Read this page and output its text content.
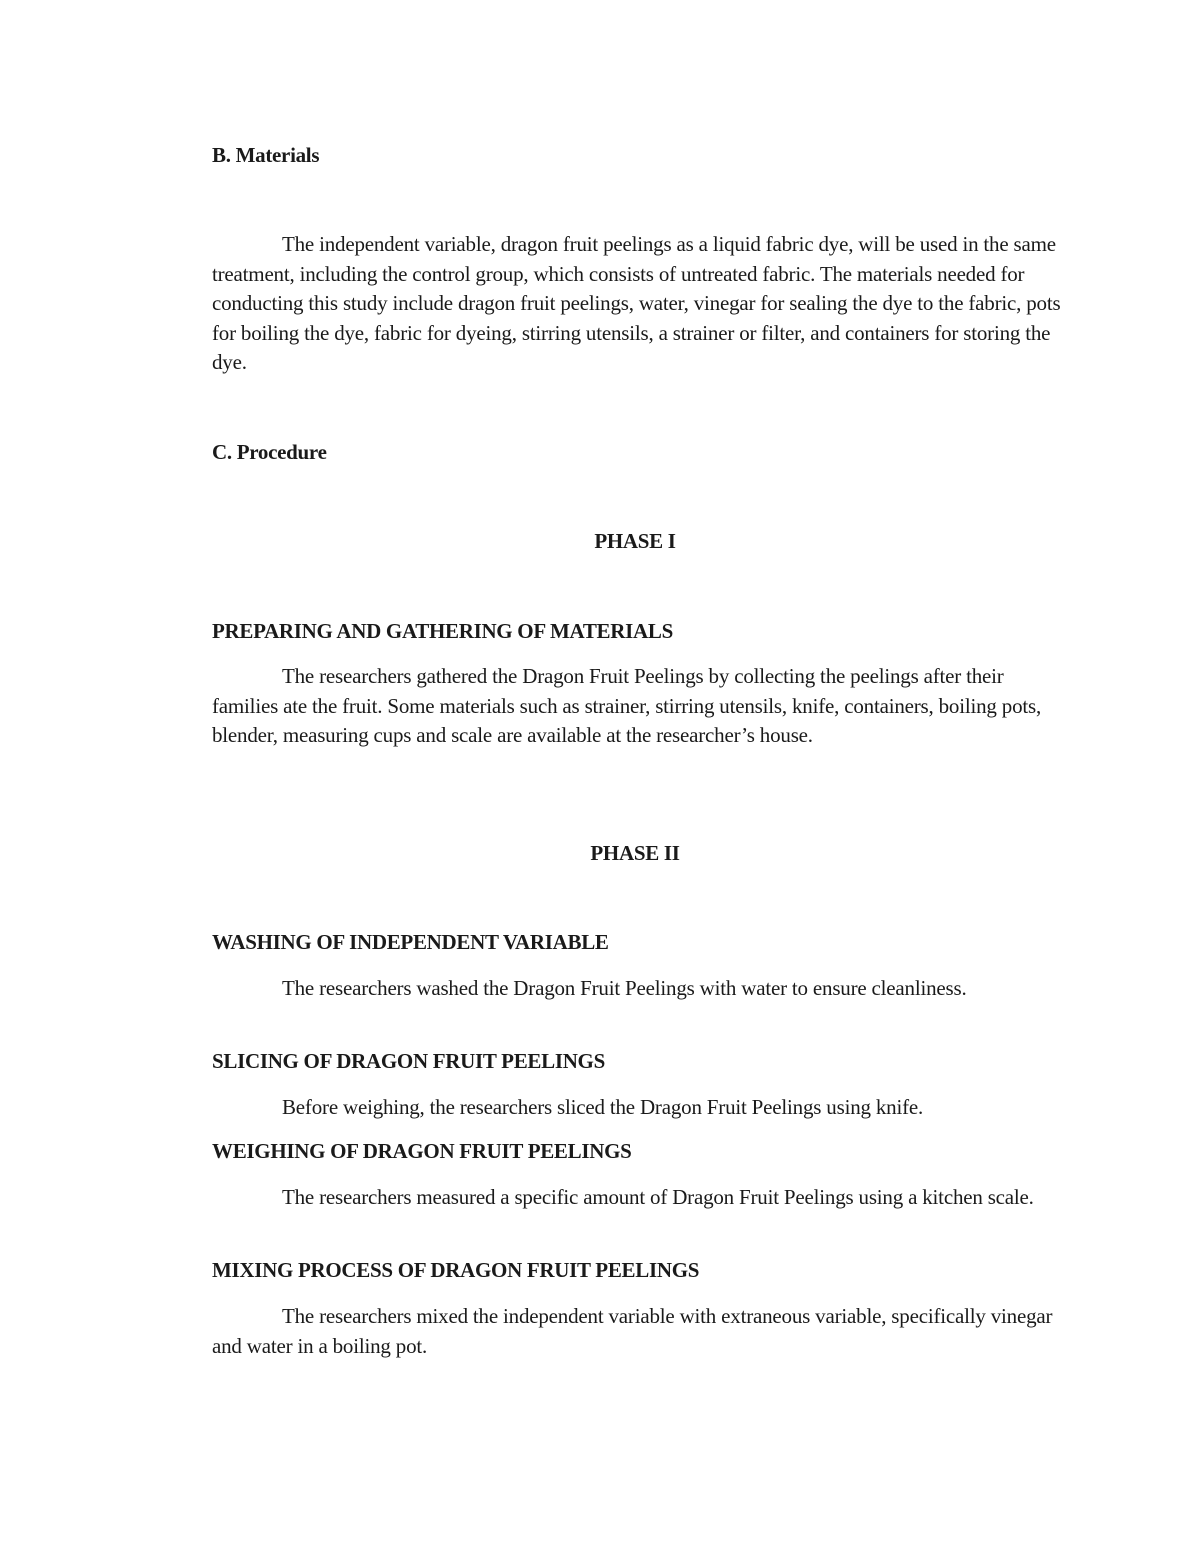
B. Materials

The independent variable, dragon fruit peelings as a liquid fabric dye, will be used in the same treatment, including the control group, which consists of untreated fabric. The materials needed for conducting this study include dragon fruit peelings, water, vinegar for sealing the dye to the fabric, pots for boiling the dye, fabric for dyeing, stirring utensils, a strainer or filter, and containers for storing the dye.

C. Procedure

PHASE I

PREPARING AND GATHERING OF MATERIALS

The researchers gathered the Dragon Fruit Peelings by collecting the peelings after their families ate the fruit. Some materials such as strainer, stirring utensils, knife, containers, boiling pots, blender, measuring cups and scale are available at the researcher’s house.

PHASE II

WASHING OF INDEPENDENT VARIABLE

The researchers washed the Dragon Fruit Peelings with water to ensure cleanliness.

SLICING OF DRAGON FRUIT PEELINGS

Before weighing, the researchers sliced the Dragon Fruit Peelings using knife.

WEIGHING OF DRAGON FRUIT PEELINGS

The researchers measured a specific amount of Dragon Fruit Peelings using a kitchen scale.

MIXING PROCESS OF DRAGON FRUIT PEELINGS

The researchers mixed the independent variable with extraneous variable, specifically vinegar and water in a boiling pot.
